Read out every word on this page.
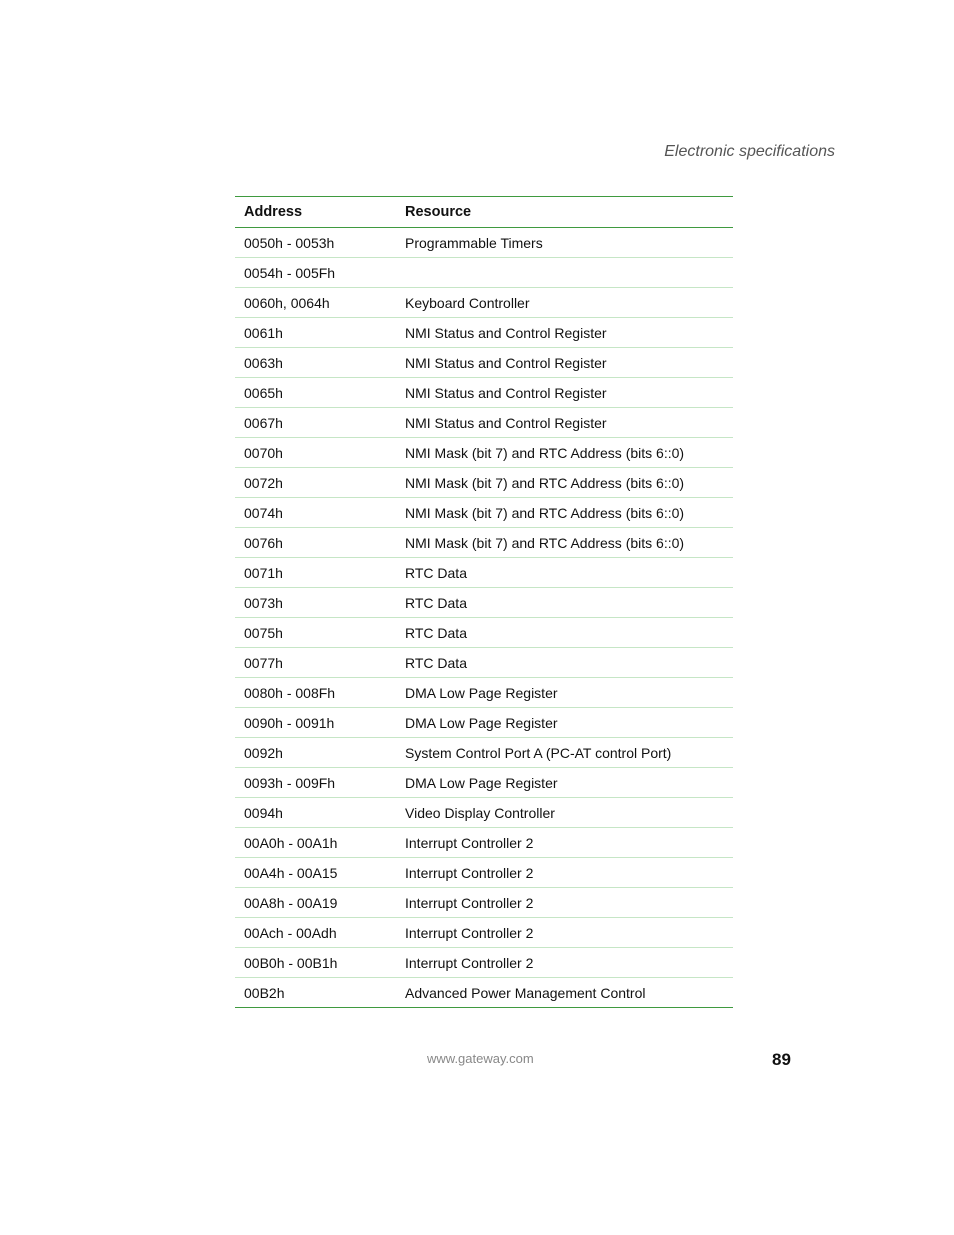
Electronic specifications
Address	Resource
0050h - 0053h	Programmable Timers
0054h - 005Fh	
0060h, 0064h	Keyboard Controller
0061h	NMI Status and Control Register
0063h	NMI Status and Control Register
0065h	NMI Status and Control Register
0067h	NMI Status and Control Register
0070h	NMI Mask (bit 7) and RTC Address (bits 6::0)
0072h	NMI Mask (bit 7) and RTC Address (bits 6::0)
0074h	NMI Mask (bit 7) and RTC Address (bits 6::0)
0076h	NMI Mask (bit 7) and RTC Address (bits 6::0)
0071h	RTC Data
0073h	RTC Data
0075h	RTC Data
0077h	RTC Data
0080h - 008Fh	DMA Low Page Register
0090h - 0091h	DMA Low Page Register
0092h	System Control Port A (PC-AT control Port)
0093h - 009Fh	DMA Low Page Register
0094h	Video Display Controller
00A0h - 00A1h	Interrupt Controller 2
00A4h - 00A15	Interrupt Controller 2
00A8h - 00A19	Interrupt Controller 2
00Ach - 00Adh	Interrupt Controller 2
00B0h - 00B1h	Interrupt Controller 2
00B2h	Advanced Power Management Control
www.gateway.com	89
